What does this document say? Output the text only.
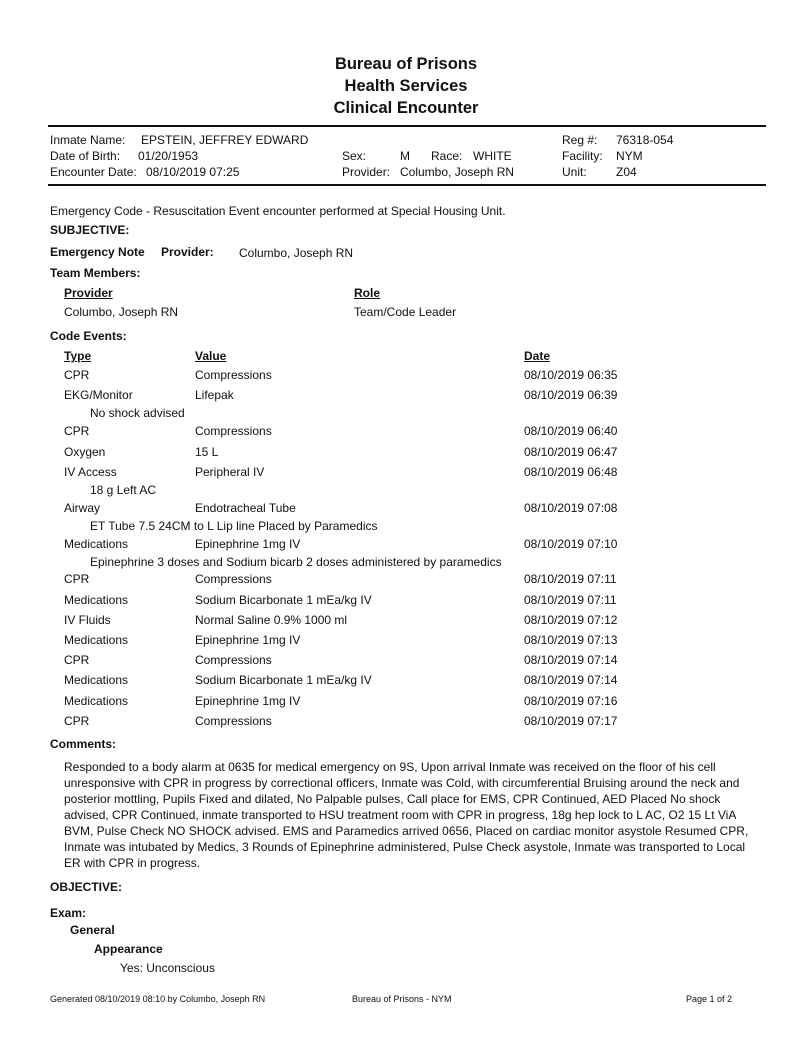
Bureau of Prisons
Health Services
Clinical Encounter
Inmate Name: EPSTEIN, JEFFREY EDWARD
Date of Birth: 01/20/1953
Encounter Date: 08/10/2019 07:25
Sex:	M Race: WHITE
Provider: Columbo, Joseph RN
Reg #: 76318-054
Facility: NYM
Unit: Z04
Emergency Code - Resuscitation Event encounter performed at Special Housing Unit.
SUBJECTIVE:
Emergency Note Provider: Columbo, Joseph RN
Team Members:
Provider	Role
Columbo, Joseph RN	Team/Code Leader
Code Events:
Type	Value	Date
CPR	Compressions	08/10/2019 06:35
EKG/Monitor	Lifepak	08/10/2019 06:39
No shock advised
CPR	Compressions	08/10/2019 06:40
Oxygen	15 L	08/10/2019 06:47
IV Access	Peripheral IV	08/10/2019 06:48
18 g Left AC
Airway	Endotracheal Tube	08/10/2019 07:08
ET Tube 7.5 24CM to L Lip line Placed by Paramedics
Medications	Epinephrine 1mg IV	08/10/2019 07:10
Epinephrine 3 doses and Sodium bicarb 2 doses administered by paramedics
CPR	Compressions	08/10/2019 07:11
Medications	Sodium Bicarbonate 1 mEa/kg IV	08/10/2019 07:11
IV Fluids	Normal Saline 0.9% 1000 ml	08/10/2019 07:12
Medications	Epinephrine 1mg IV	08/10/2019 07:13
CPR	Compressions	08/10/2019 07:14
Medications	Sodium Bicarbonate 1 mEa/kg IV	08/10/2019 07:14
Medications	Epinephrine 1mg IV	08/10/2019 07:16
CPR	Compressions	08/10/2019 07:17
Comments:
Responded to a body alarm at 0635 for medical emergency on 9S, Upon arrival Inmate was received on the floor of his cell unresponsive with CPR in progress by correctional officers, Inmate was Cold, with circumferential Bruising around the neck and posterior mottling, Pupils Fixed and dilated, No Palpable pulses, Call place for EMS, CPR Continued, AED Placed No shock advised, CPR Continued, inmate transported to HSU treatment room with CPR in progress, 18g hep lock to L AC, O2 15 Lt ViA BVM, Pulse Check NO SHOCK advised. EMS and Paramedics arrived 0656, Placed on cardiac monitor asystole Resumed CPR, Inmate was intubated by Medics, 3 Rounds of Epinephrine administered, Pulse Check asystole, Inmate was transported to Local ER with CPR in progress.
OBJECTIVE:
Exam:
General
Appearance
Yes: Unconscious
Generated 08/10/2019 08:10 by Columbo, Joseph RN	Bureau of Prisons - NYM	Page 1 of 2
